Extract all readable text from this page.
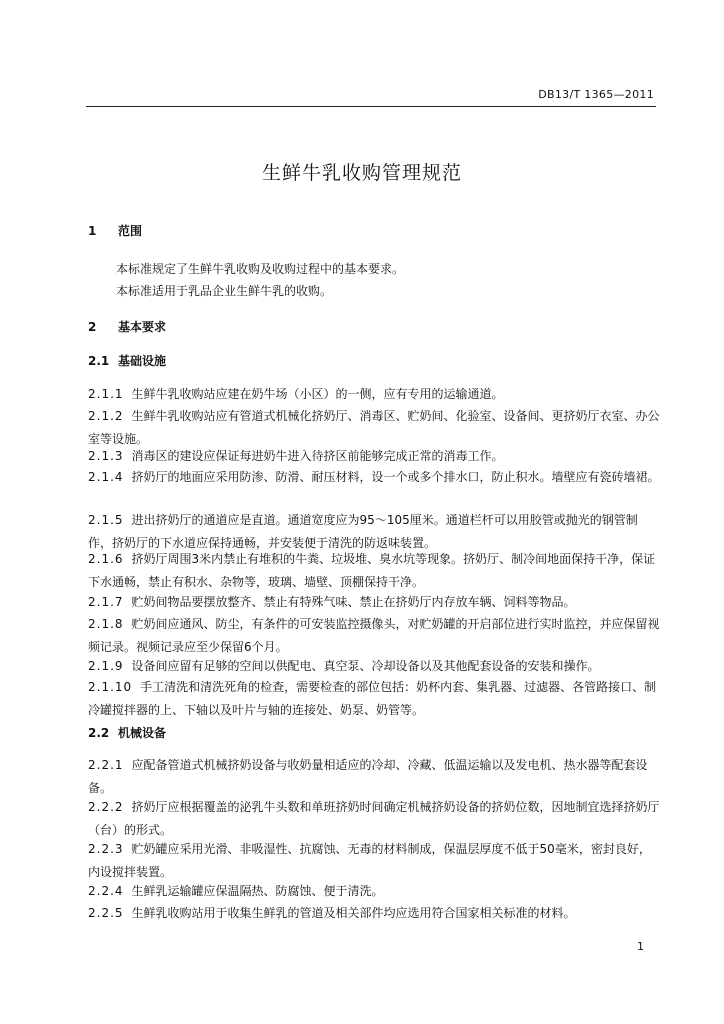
DB13/T 1365—2011
生鲜牛乳收购管理规范
1 范围
本标准规定了生鲜牛乳收购及收购过程中的基本要求。
本标准适用于乳品企业生鲜牛乳的收购。
2 基本要求
2.1 基础设施
2.1.1 生鲜牛乳收购站应建在奶牛场（小区）的一侧，应有专用的运输通道。
2.1.2 生鲜牛乳收购站应有管道式机械化挤奶厅、消毒区、贮奶间、化验室、设备间、更挤奶厅衣室、办公室等设施。
2.1.3 消毒区的建设应保证每进奶牛进入待挤区前能够完成正常的消毒工作。
2.1.4 挤奶厅的地面应采用防渗、防滑、耐压材料，设一个或多个排水口，防止积水。墙壁应有瓷砖墙裙。
2.1.5 进出挤奶厅的通道应是直道。通道宽度应为95～105厘米。通道栏杆可以用胶管或抛光的钢管制作，挤奶厅的下水道应保持通畅，并安装便于清洗的防返味装置。
2.1.6 挤奶厅周围3米内禁止有堆积的牛粪、垃圾堆、臭水坑等现象。挤奶厅、制冷间地面保持干净，保证下水通畅，禁止有积水、杂物等，玻璃、墙壁、顶棚保持干净。
2.1.7 贮奶间物品要摆放整齐、禁止有特殊气味、禁止在挤奶厅内存放车辆、饲料等物品。
2.1.8 贮奶间应通风、防尘，有条件的可安装监控摄像头，对贮奶罐的开启部位进行实时监控，并应保留视频记录。视频记录应至少保留6个月。
2.1.9 设备间应留有足够的空间以供配电、真空泵、冷却设备以及其他配套设备的安装和操作。
2.1.10 手工清洗和清洗死角的检查，需要检查的部位包括：奶杯内套、集乳器、过滤器、各管路接口、制冷罐搅拌器的上、下轴以及叶片与轴的连接处、奶泵、奶管等。
2.2 机械设备
2.2.1 应配备管道式机械挤奶设备与收奶量相适应的冷却、冷藏、低温运输以及发电机、热水器等配套设备。
2.2.2 挤奶厅应根据覆盖的泌乳牛头数和单班挤奶时间确定机械挤奶设备的挤奶位数，因地制宜选择挤奶厅（台）的形式。
2.2.3 贮奶罐应采用光滑、非吸湿性、抗腐蚀、无毒的材料制成，保温层厚度不低于50毫米，密封良好，内设搅拌装置。
2.2.4 生鲜乳运输罐应保温隔热、防腐蚀、便于清洗。
2.2.5 生鲜乳收购站用于收集生鲜乳的管道及相关部件均应选用符合国家相关标准的材料。
1
